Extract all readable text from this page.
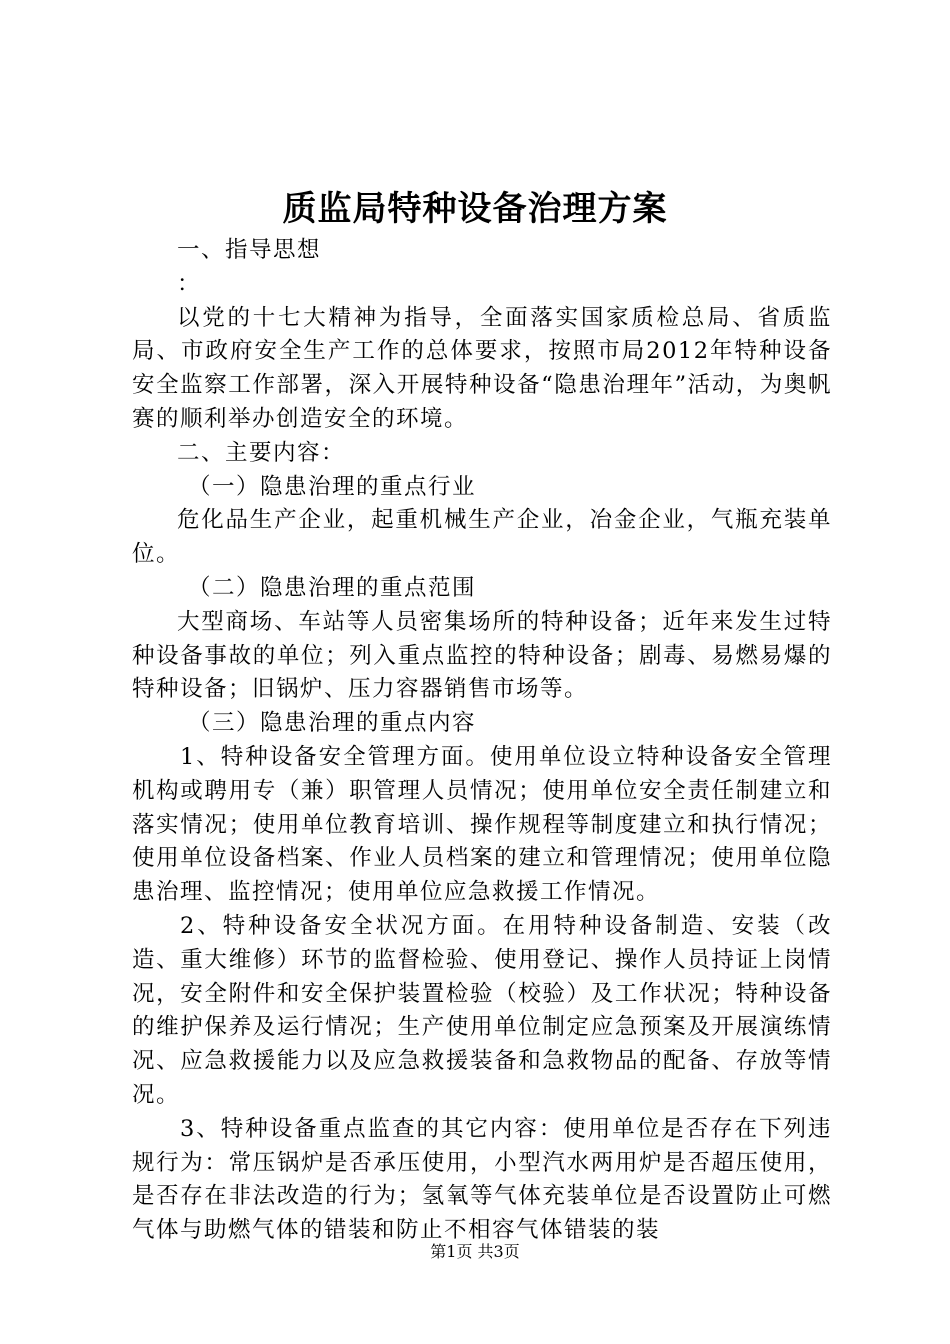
质监局特种设备治理方案

一、指导思想

：

以党的十七大精神为指导，全面落实国家质检总局、省质监局、市政府安全生产工作的总体要求，按照市局2012年特种设备安全监察工作部署，深入开展特种设备“隐患治理年”活动，为奥帆赛的顺利举办创造安全的环境。

二、主要内容：

（一）隐患治理的重点行业

危化品生产企业，起重机械生产企业，冶金企业，气瓶充装单位。

（二）隐患治理的重点范围

大型商场、车站等人员密集场所的特种设备；近年来发生过特种设备事故的单位；列入重点监控的特种设备；剧毒、易燃易爆的特种设备；旧锅炉、压力容器销售市场等。

（三）隐患治理的重点内容

1、特种设备安全管理方面。使用单位设立特种设备安全管理机构或聘用专（兼）职管理人员情况；使用单位安全责任制建立和落实情况；使用单位教育培训、操作规程等制度建立和执行情况；使用单位设备档案、作业人员档案的建立和管理情况；使用单位隐患治理、监控情况；使用单位应急救援工作情况。

2、特种设备安全状况方面。在用特种设备制造、安装（改造、重大维修）环节的监督检验、使用登记、操作人员持证上岗情况，安全附件和安全保护装置检验（校验）及工作状况；特种设备的维护保养及运行情况；生产使用单位制定应急预案及开展演练情况、应急救援能力以及应急救援装备和急救物品的配备、存放等情况。

3、特种设备重点监查的其它内容：使用单位是否存在下列违规行为：常压锅炉是否承压使用，小型汽水两用炉是否超压使用，是否存在非法改造的行为；氢氧等气体充装单位是否设置防止可燃气体与助燃气体的错装和防止不相容气体错装的装

第1页 共3页
